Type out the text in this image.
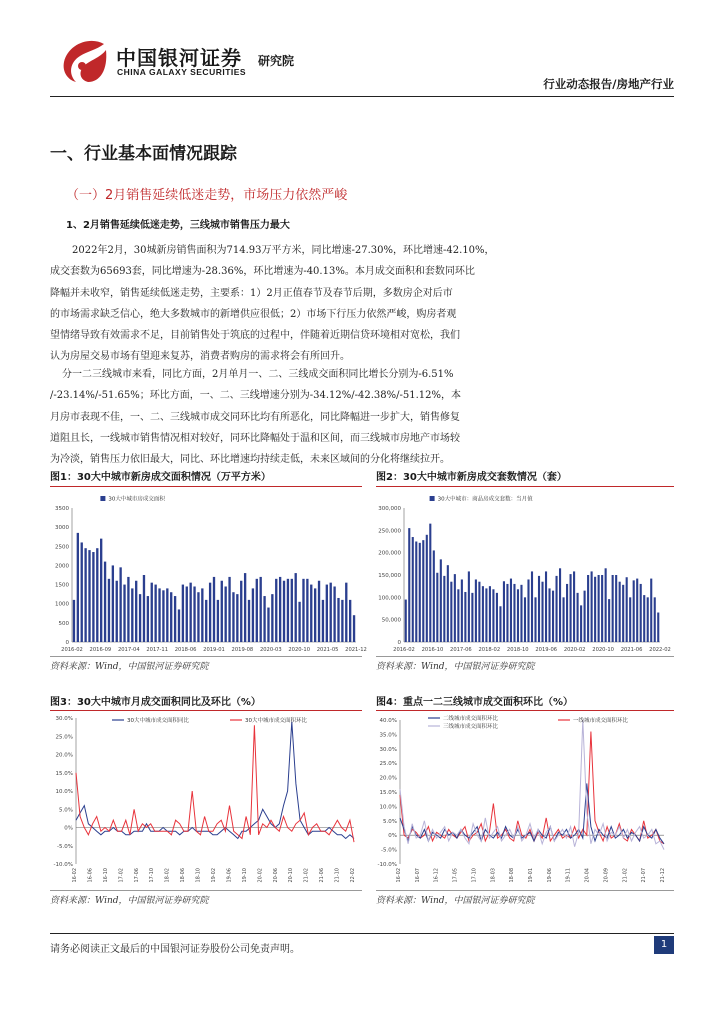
中国银河证券
CHINA GALAXY SECURITIES
研究院
行业动态报告/房地产行业
一、行业基本面情况跟踪
（一）2月销售延续低迷走势，市场压力依然严峻
1、2月销售延续低迷走势，三线城市销售压力最大
2022年2月，30城新房销售面积为714.93万平方米，同比增速-27.30%，环比增速-42.10%，
成交套数为65693套，同比增速为-28.36%，环比增速为-40.13%。本月成交面积和套数同环比
降幅并未收窄，销售延续低迷走势，主要系：1）2月正值春节及春节后期，多数房企对后市
的市场需求缺乏信心，绝大多数城市的新增供应很低；2）市场下行压力依然严峻，购房者观
望情绪导致有效需求不足，目前销售处于筑底的过程中，伴随着近期信贷环境相对宽松，我们
认为房屋交易市场有望迎来复苏，消费者购房的需求将会有所回升。
分一二三线城市来看，同比方面，2月单月一、二、三线成交面积同比增长分别为-6.51%
/-23.14%/-51.65%；环比方面，一、二、三线增速分别为-34.12%/-42.38%/-51.12%，本
月房市表现不佳，一、二、三线城市成交同环比均有所恶化，同比降幅进一步扩大，销售修复
道阻且长，一线城市销售情况相对较好，同环比降幅处于温和区间，而三线城市房地产市场较
为冷淡，销售压力依旧最大，同比、环比增速均持续走低，未来区域间的分化将继续拉开。
图1：30大中城市新房成交面积情况（万平方米）	图2：30大中城市新房成交套数情况（套）
0
500
1000
1500
2000
2500
3000
3500
30大中城市房成交面积
2016-02 2016-09 2017-04 2017-11 2018-06 2019-01 2019-08 2020-03 2020-10 2021-05 2021-12
0
50,000
100,000
150,000
200,000
250,000
300,000
30大中城市：商品房成交套数：当月值
2016-02 2016-10 2017-06 2018-02 2018-10 2019-06 2020-02 2020-10 2021-06 2022-02
资料来源：Wind，中国银河证券研究院	资料来源：Wind，中国银河证券研究院
图3：30大中城市月成交面积同比及环比（%）	图4：重点一二三线城市成交面积环比（%）
-10.0%
-5.0%
0%
5.0%
10.0%
15.0%
20.0%
25.0%
30.0%	30大中城市成交面积同比	30大中城市成交面积环比
16-02 16-06 16-10 17-02 17-06 17-10 18-02 18-06 18-10 19-02 19-06 19-10 20-02 20-06 20-10 21-02 21-06 21-10 22-02
-10.0%
-5.0%
0%
5.0%
10.0%
15.0%
20.0%
25.0%
30.0%
35.0%
40.0%	一线城市成交面积环比
二线城市成交面积环比
三线城市成交面积环比
16-02	16-07	16-12	17-05	17-10	18-03	18-08	19-01	19-06	19-11	20-04	20-09	21-02	21-07	21-12
资料来源：Wind，中国银河证券研究院	资料来源：Wind，中国银河证券研究院
请务必阅读正文最后的中国银河证券股份公司免责声明。	1
